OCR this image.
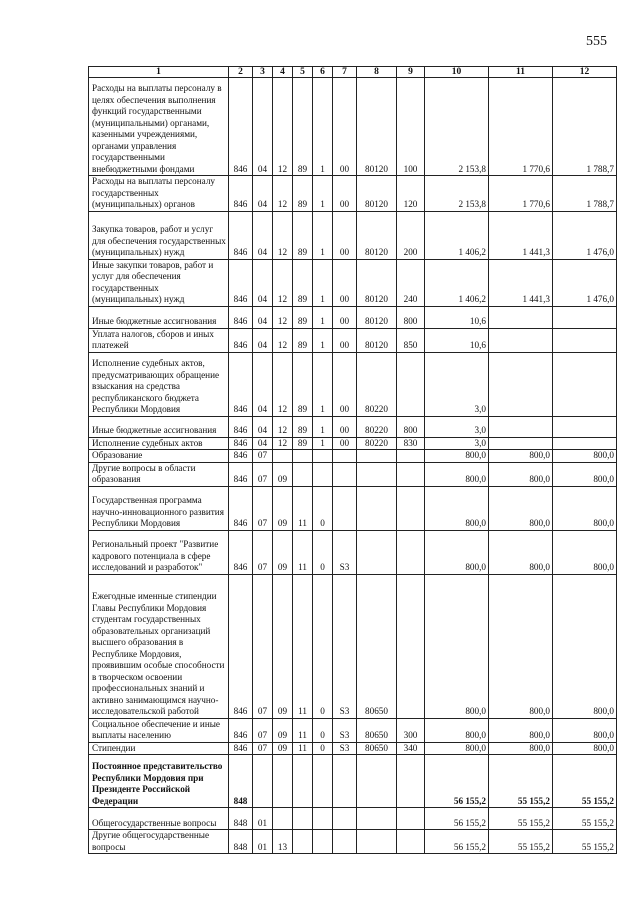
555
1	2	3	4	5	6	7	8	9	10	11	12
Расходы на выплаты персоналу в целях обеспечения выполнения функций государственными (муниципальными) органами, казенными учреждениями, органами управления государственными внебюджетными фондами	846	04	12	89	1	00	80120	100	2 153,8	1 770,6	1 788,7
Расходы на выплаты персоналу государственных (муниципальных) органов	846	04	12	89	1	00	80120	120	2 153,8	1 770,6	1 788,7
Закупка товаров, работ и услуг для обеспечения государственных (муниципальных) нужд	846	04	12	89	1	00	80120	200	1 406,2	1 441,3	1 476,0
Иные закупки товаров, работ и услуг для обеспечения государственных (муниципальных) нужд	846	04	12	89	1	00	80120	240	1 406,2	1 441,3	1 476,0
Иные бюджетные ассигнования	846	04	12	89	1	00	80120	800	10,6		
Уплата налогов, сборов и иных платежей	846	04	12	89	1	00	80120	850	10,6		
Исполнение судебных актов, предусматривающих обращение взыскания на средства республиканского бюджета Республики Мордовия	846	04	12	89	1	00	80220		3,0		
Иные бюджетные ассигнования	846	04	12	89	1	00	80220	800	3,0		
Исполнение судебных актов	846	04	12	89	1	00	80220	830	3,0		
Образование	846	07							800,0	800,0	800,0
Другие вопросы в области образования	846	07	09						800,0	800,0	800,0
Государственная программа научно-инновационного развития Республики Мордовия	846	07	09	11	0				800,0	800,0	800,0
Региональный проект "Развитие кадрового потенциала в сфере исследований и разработок"	846	07	09	11	0	S3			800,0	800,0	800,0
Ежегодные именные стипендии Главы Республики Мордовия студентам государственных образовательных организаций высшего образования в Республике Мордовия, проявившим особые способности в творческом освоении профессиональных знаний и активно занимающимся научно-исследовательской работой	846	07	09	11	0	S3	80650		800,0	800,0	800,0
Социальное обеспечение и иные выплаты населению	846	07	09	11	0	S3	80650	300	800,0	800,0	800,0
Стипендии	846	07	09	11	0	S3	80650	340	800,0	800,0	800,0
Постоянное представительство Республики Мордовия при Президенте Российской Федерации	848								56 155,2	55 155,2	55 155,2
Общегосударственные вопросы	848	01							56 155,2	55 155,2	55 155,2
Другие общегосударственные вопросы	848	01	13						56 155,2	55 155,2	55 155,2
